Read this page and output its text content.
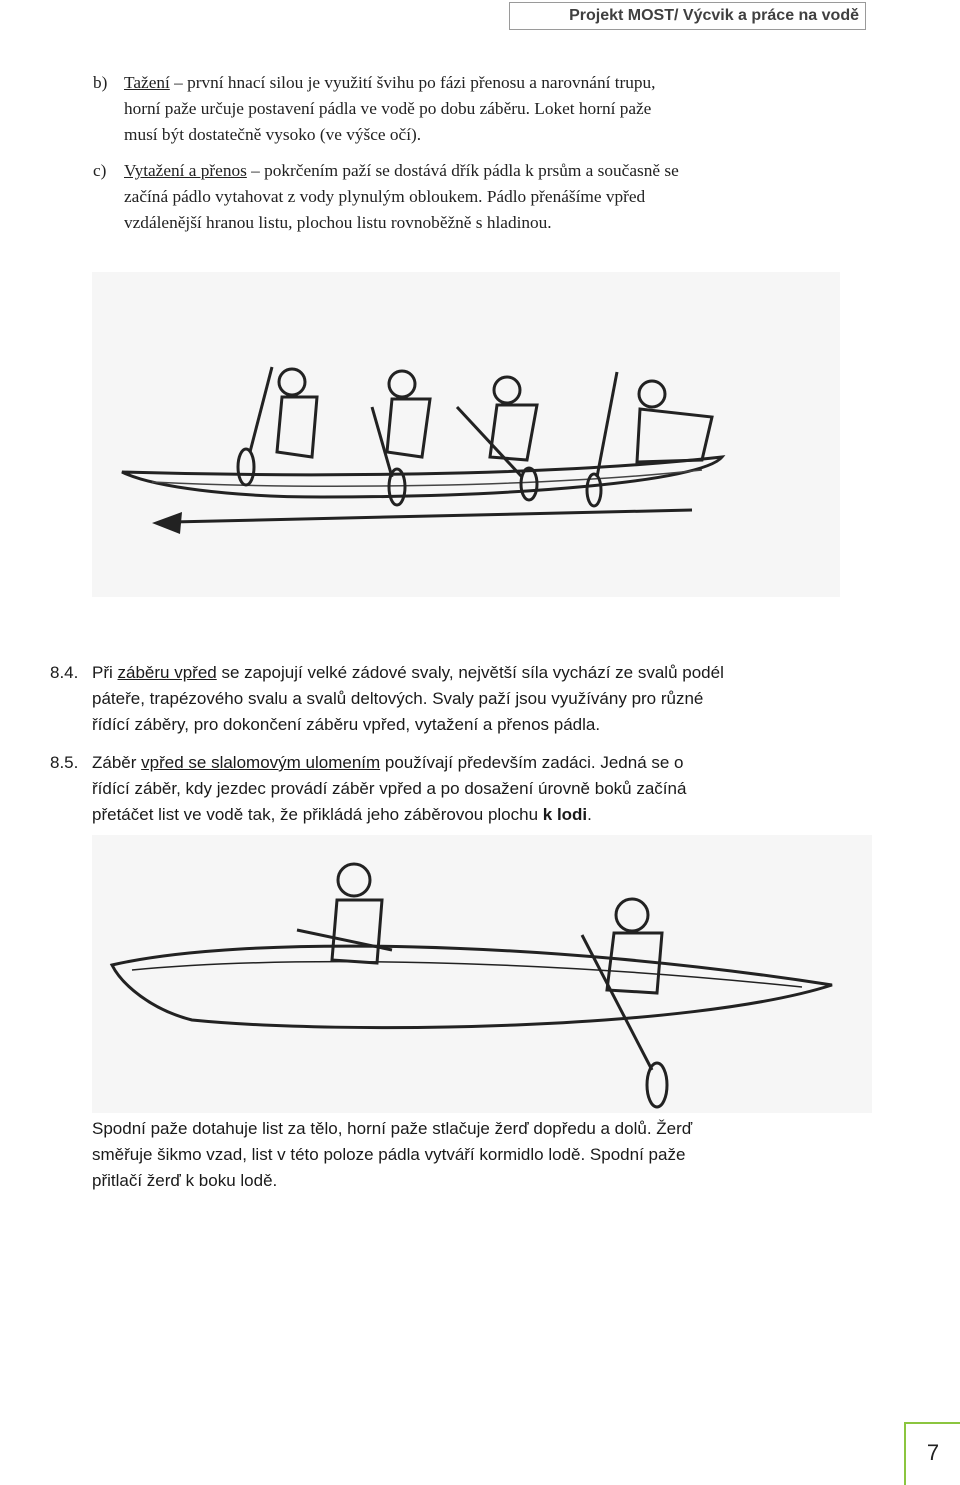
Projekt MOST/ Výcvik a práce na vodě
b) Tažení – první hnací silou je využití švihu po fázi přenosu a narovnání trupu,

horní paže určuje postavení pádla ve vodě po dobu záběru. Loket horní paže

musí být dostatečně vysoko (ve výšce očí).

c) Vytažení a přenos – pokrčením paží se dostává dřík pádla k prsům a současně se

začíná pádlo vytahovat z vody plynulým obloukem. Pádlo přenášíme vpřed

vzdálenější hranou listu, plochou listu rovnoběžně s hladinou.

8.4. Při záběru vpřed se zapojují velké zádové svaly, největší síla vychází ze svalů podél

páteře, trapézového svalu a svalů deltových. Svaly paží jsou využívány pro různé

řídící záběry, pro dokončení záběru vpřed, vytažení a přenos pádla.

8.5. Záběr vpřed se slalomovým ulomením používají především zadáci. Jedná se o

řídící záběr, kdy jezdec provádí záběr vpřed a po dosažení úrovně boků začíná

přetáčet list ve vodě tak, že přikládá jeho záběrovou plochu k lodi.

Spodní paže dotahuje list za tělo, horní paže stlačuje žerď dopředu a dolů. Žerď

směřuje šikmo vzad, list v této poloze pádla vytváří kormidlo lodě. Spodní paže

přitlačí žerď k boku lodě.

7
